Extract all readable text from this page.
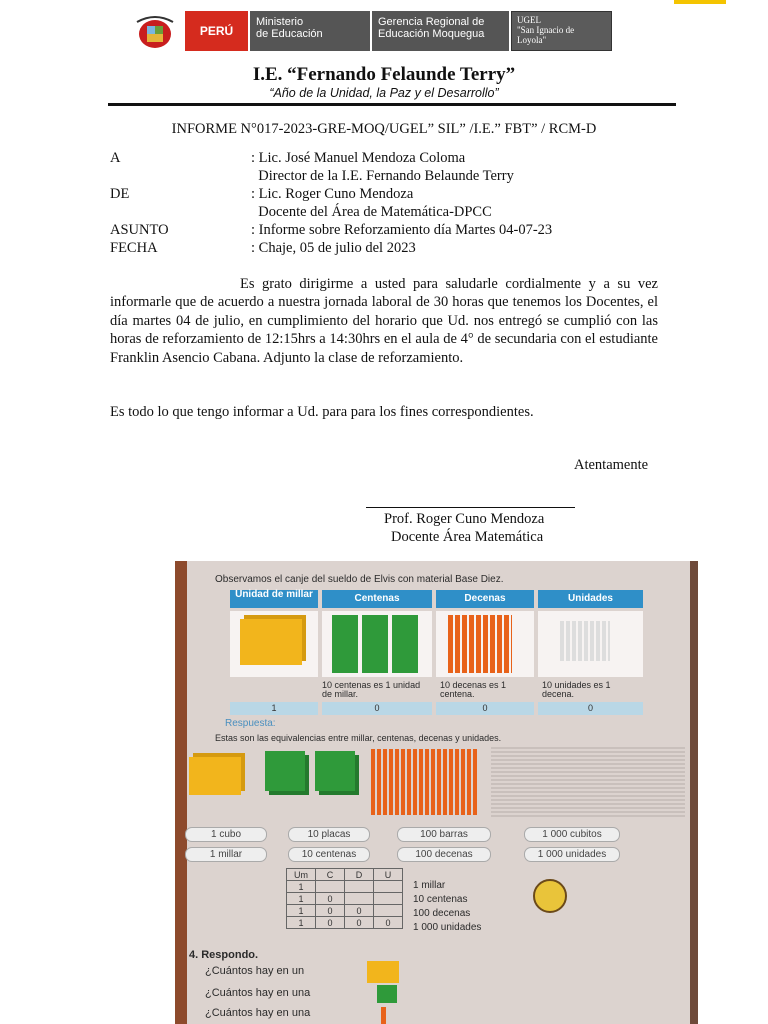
PERÚ
Ministerio
de Educación
Gerencia Regional de
Educación Moquegua
UGEL
"San Ignacio de
Loyola"
I.E. “Fernando Felaunde Terry”
“Año de la Unidad, la Paz y el Desarrollo”
INFORME N°017-2023-GRE-MOQ/UGEL” SIL” /I.E.” FBT” / RCM-D
A	: Lic. José Manuel Mendoza Coloma
Director de la I.E. Fernando Belaunde Terry
DE	: Lic. Roger Cuno Mendoza
Docente del Área de Matemática-DPCC
ASUNTO	: Informe sobre Reforzamiento día Martes 04-07-23
FECHA	: Chaje, 05 de julio del 2023
Es grato dirigirme a usted para saludarle cordialmente y a su vez informarle que de acuerdo a nuestra jornada laboral de 30 horas que tenemos los Docentes, el día martes 04 de julio, en cumplimiento del horario que Ud. nos entregó se cumplió con las horas de reforzamiento de 12:15hrs a 14:30hrs en el aula de 4° de secundaria con el estudiante Franklin Asencio Cabana. Adjunto la clase de reforzamiento.
Es todo lo que tengo informar a Ud. para para los fines correspondientes.
Atentamente
Prof. Roger Cuno Mendoza
Docente Área Matemática
Observamos el canje del sueldo de Elvis con material Base Diez.
Unidad de millar	Centenas	Decenas	Unidades
10 centenas es 1 unidad de millar.
10 decenas es 1 centena.
10 unidades es 1 decena.
1	0	0	0
Respuesta:
Estas son las equivalencias entre millar, centenas, decenas y unidades.
1 cubo	10 placas	100 barras	1 000 cubitos
1 millar	10 centenas	100 decenas	1 000 unidades
Um	C	D	U
1			
1	0		
1	0	0	
1	0	0	0
1 millar
10 centenas
100 decenas
1 000 unidades
4. Respondo.
¿Cuántos hay en un
¿Cuántos hay en una
¿Cuántos hay en una
